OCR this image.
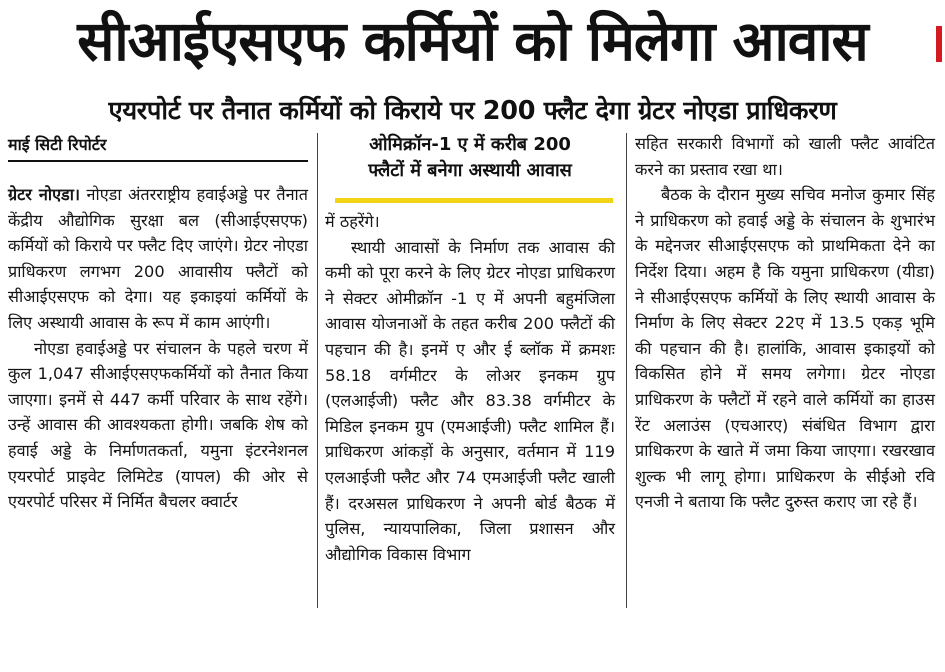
सीआईएसएफ कर्मियों को मिलेगा आवास
एयरपोर्ट पर तैनात कर्मियों को किराये पर 200 फ्लैट देगा ग्रेटर नोएडा प्राधिकरण
माई सिटी रिपोर्टर

ग्रेटर नोएडा। नोएडा अंतरराष्ट्रीय हवाईअड्डे पर तैनात केंद्रीय औद्योगिक सुरक्षा बल (सीआईएसएफ) कर्मियों को किराये पर फ्लैट दिए जाएंगे। ग्रेटर नोएडा प्राधिकरण लगभग 200 आवासीय फ्लैटों को सीआईएसएफ को देगा। यह इकाइयां कर्मियों के लिए अस्थायी आवास के रूप में काम आएंगी।

नोएडा हवाईअड्डे पर संचालन के पहले चरण में कुल 1,047 सीआईएसएफकर्मियों को तैनात किया जाएगा। इनमें से 447 कर्मी परिवार के साथ रहेंगे। उन्हें आवास की आवश्यकता होगी। जबकि शेष को हवाई अड्डे के निर्माणतकर्ता, यमुना इंटरनेशनल एयरपोर्ट प्राइवेट लिमिटेड (यापल) की ओर से एयरपोर्ट परिसर में निर्मित बैचलर क्वार्टर

ओमिक्रॉन-1 ए में करीब 200
फ्लैटों में बनेगा अस्थायी आवास

में ठहरेंगे।

स्थायी आवासों के निर्माण तक आवास की कमी को पूरा करने के लिए ग्रेटर नोएडा प्राधिकरण ने सेक्टर ओमीक्रॉन -1 ए में अपनी बहुमंजिला आवास योजनाओं के तहत करीब 200 फ्लैटों की पहचान की है। इनमें ए और ई ब्लॉक में क्रमशः 58.18 वर्गमीटर के लोअर इनकम ग्रुप (एलआईजी) फ्लैट और 83.38 वर्गमीटर के मिडिल इनकम ग्रुप (एमआईजी) फ्लैट शामिल हैं। प्राधिकरण आंकड़ों के अनुसार, वर्तमान में 119 एलआईजी फ्लैट और 74 एमआईजी फ्लैट खाली हैं। दरअसल प्राधिकरण ने अपनी बोर्ड बैठक में पुलिस, न्यायपालिका, जिला प्रशासन और औद्योगिक विकास विभाग

सहित सरकारी विभागों को खाली फ्लैट आवंटित करने का प्रस्ताव रखा था।

बैठक के दौरान मुख्य सचिव मनोज कुमार सिंह ने प्राधिकरण को हवाई अड्डे के संचालन के शुभारंभ के मद्देनजर सीआईएसएफ को प्राथमिकता देने का निर्देश दिया। अहम है कि यमुना प्राधिकरण (यीडा) ने सीआईएसएफ कर्मियों के लिए स्थायी आवास के निर्माण के लिए सेक्टर 22ए में 13.5 एकड़ भूमि की पहचान की है। हालांकि, आवास इकाइयों को विकसित होने में समय लगेगा। ग्रेटर नोएडा प्राधिकरण के फ्लैटों में रहने वाले कर्मियों का हाउस रेंट अलाउंस (एचआरए) संबंधित विभाग द्वारा प्राधिकरण के खाते में जमा किया जाएगा। रखरखाव शुल्क भी लागू होगा। प्राधिकरण के सीईओ रवि एनजी ने बताया कि फ्लैट दुरुस्त कराए जा रहे हैं।
